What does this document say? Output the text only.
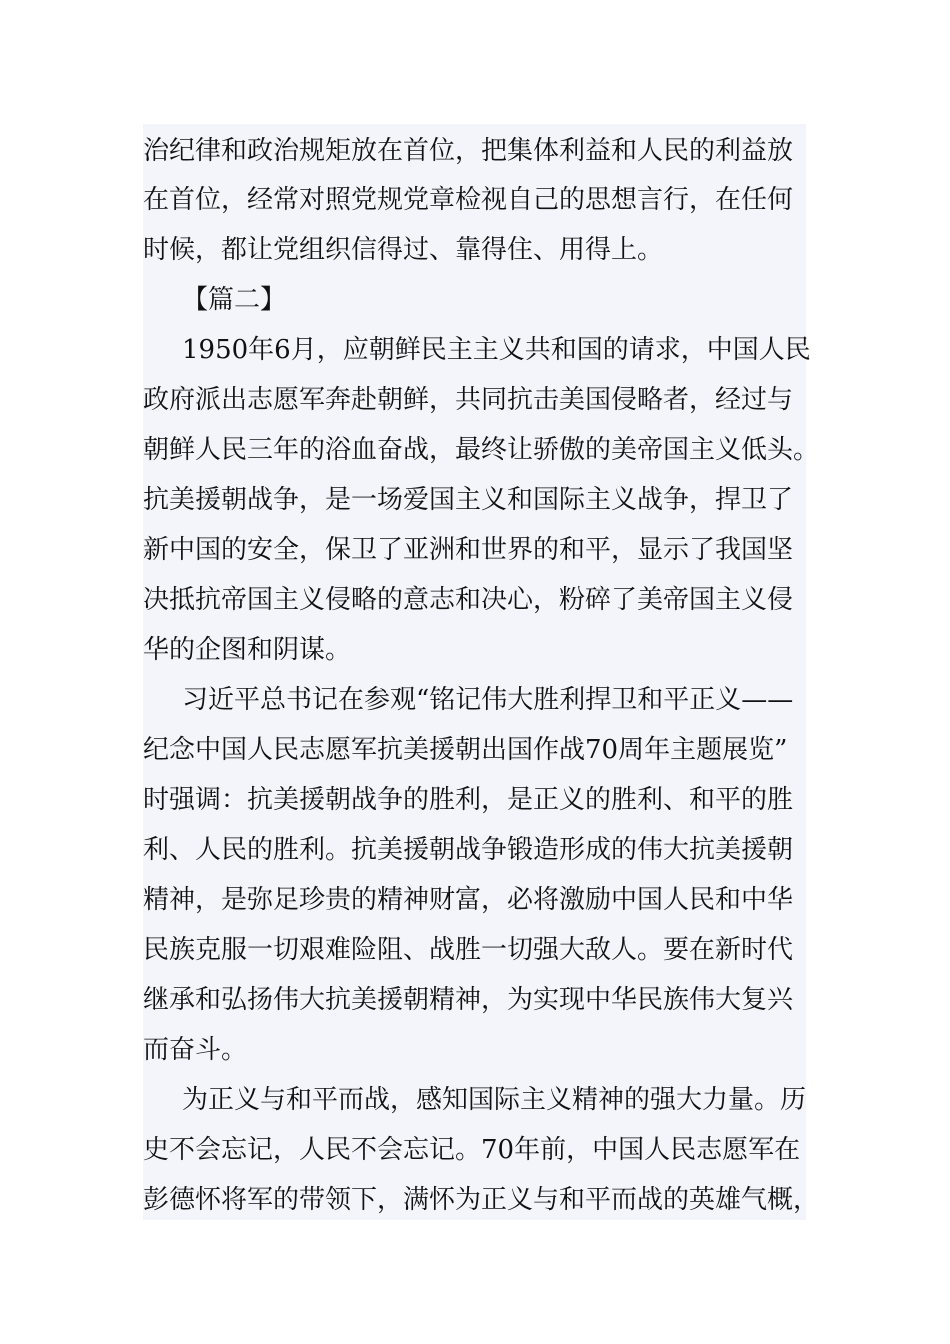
治纪律和政治规矩放在首位，把集体利益和人民的利益放
在首位，经常对照党规党章检视自己的思想言行，在任何
时候，都让党组织信得过、靠得住、用得上。
【篇二】
1950年6月，应朝鲜民主主义共和国的请求，中国人民
政府派出志愿军奔赴朝鲜，共同抗击美国侵略者，经过与
朝鲜人民三年的浴血奋战，最终让骄傲的美帝国主义低头。
抗美援朝战争，是一场爱国主义和国际主义战争，捍卫了
新中国的安全，保卫了亚洲和世界的和平，显示了我国坚
决抵抗帝国主义侵略的意志和决心，粉碎了美帝国主义侵
华的企图和阴谋。
习近平总书记在参观“铭记伟大胜利捍卫和平正义——
纪念中国人民志愿军抗美援朝出国作战70周年主题展览”
时强调：抗美援朝战争的胜利，是正义的胜利、和平的胜
利、人民的胜利。抗美援朝战争锻造形成的伟大抗美援朝
精神，是弥足珍贵的精神财富，必将激励中国人民和中华
民族克服一切艰难险阻、战胜一切强大敌人。要在新时代
继承和弘扬伟大抗美援朝精神，为实现中华民族伟大复兴
而奋斗。
为正义与和平而战，感知国际主义精神的强大力量。历
史不会忘记，人民不会忘记。70年前，中国人民志愿军在
彭德怀将军的带领下，满怀为正义与和平而战的英雄气概，
